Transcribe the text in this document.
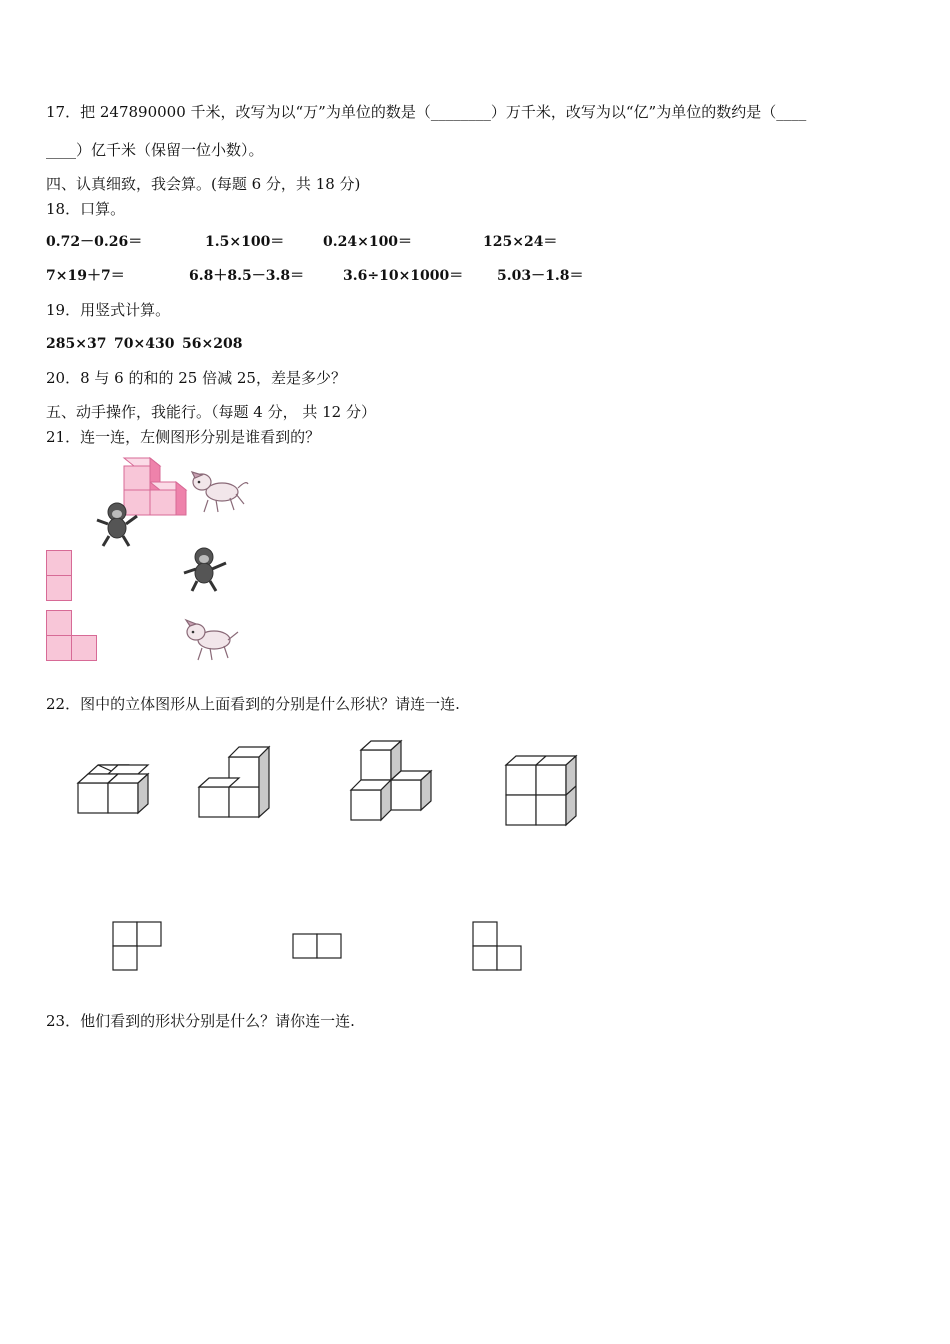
17．把 247890000 千米，改写为以“万”为单位的数是（________）万千米，改写为以“亿”为单位的数约是（____
____）亿千米（保留一位小数）。
四、认真细致，我会算。(每题 6 分，共 18 分)
18．口算。
0.72－0.26＝	1.5×100＝	0.24×100＝	125×24＝
7×19＋7＝	6.8＋8.5－3.8＝	3.6÷10×1000＝ 5.03－1.8＝
19．用竖式计算。
285×37 70×430 56×208
20．8 与 6 的和的 25 倍减 25，差是多少？
五、动手操作，我能行。（每题 4 分， 共 12 分）
21．连一连，左侧图形分别是谁看到的？
22．图中的立体图形从上面看到的分别是什么形状？请连一连.
23．他们看到的形状分别是什么？请你连一连.
